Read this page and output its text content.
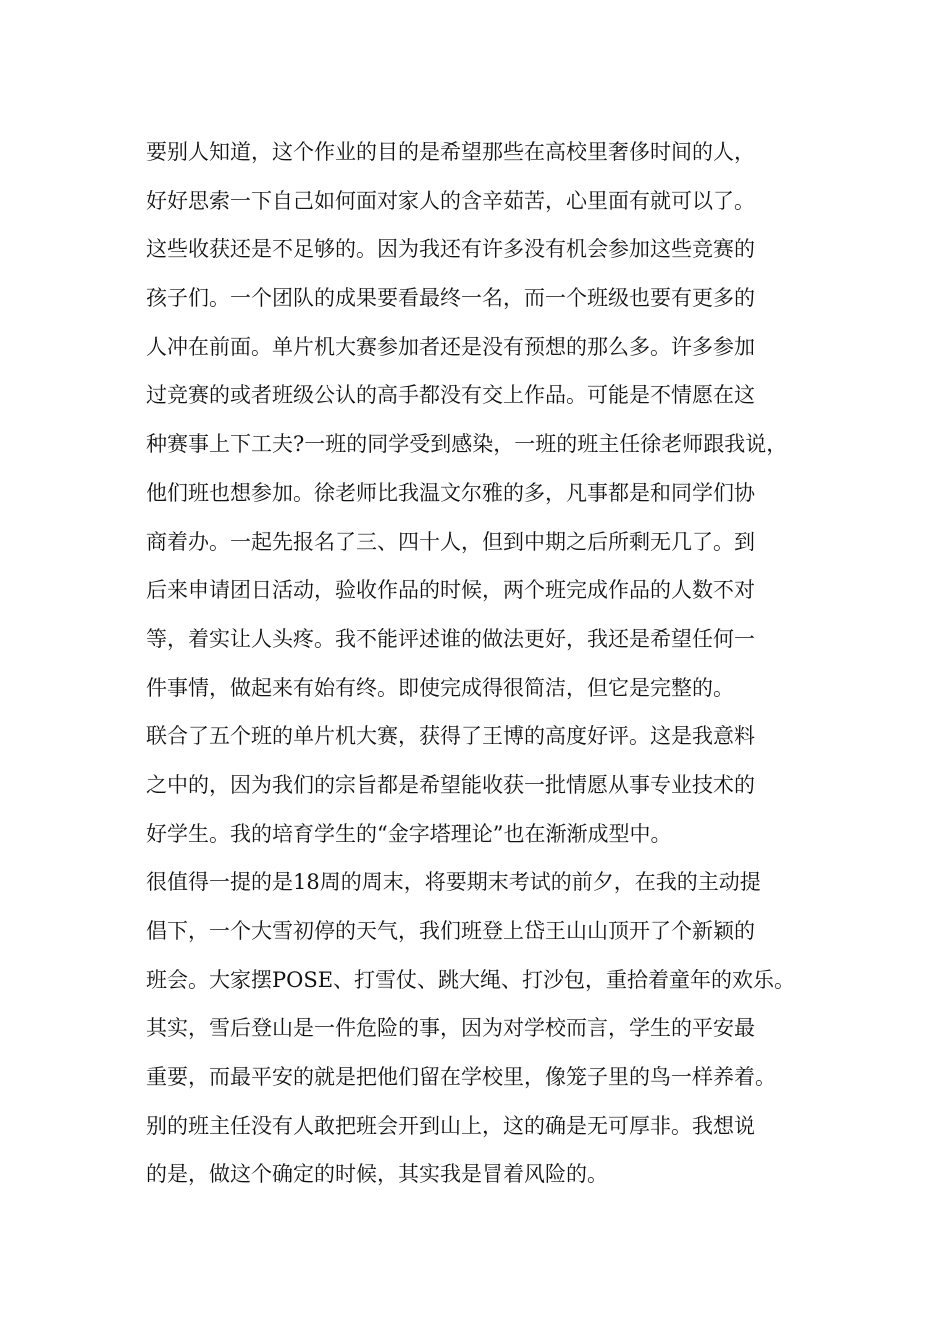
要别人知道，这个作业的目的是希望那些在高校里奢侈时间的人，
好好思索一下自己如何面对家人的含辛茹苦，心里面有就可以了。
这些收获还是不足够的。因为我还有许多没有机会参加这些竞赛的
孩子们。一个团队的成果要看最终一名，而一个班级也要有更多的
人冲在前面。单片机大赛参加者还是没有预想的那么多。许多参加
过竞赛的或者班级公认的高手都没有交上作品。可能是不情愿在这
种赛事上下工夫?一班的同学受到感染，一班的班主任徐老师跟我说，
他们班也想参加。徐老师比我温文尔雅的多，凡事都是和同学们协
商着办。一起先报名了三、四十人，但到中期之后所剩无几了。到
后来申请团日活动，验收作品的时候，两个班完成作品的人数不对
等，着实让人头疼。我不能评述谁的做法更好，我还是希望任何一
件事情，做起来有始有终。即使完成得很简洁，但它是完整的。
联合了五个班的单片机大赛，获得了王博的高度好评。这是我意料
之中的，因为我们的宗旨都是希望能收获一批情愿从事专业技术的
好学生。我的培育学生的“金字塔理论”也在渐渐成型中。
很值得一提的是18周的周末，将要期末考试的前夕，在我的主动提
倡下，一个大雪初停的天气，我们班登上岱王山山顶开了个新颖的
班会。大家摆POSE、打雪仗、跳大绳、打沙包，重拾着童年的欢乐。
其实，雪后登山是一件危险的事，因为对学校而言，学生的平安最
重要，而最平安的就是把他们留在学校里，像笼子里的鸟一样养着。
别的班主任没有人敢把班会开到山上，这的确是无可厚非。我想说
的是，做这个确定的时候，其实我是冒着风险的。
